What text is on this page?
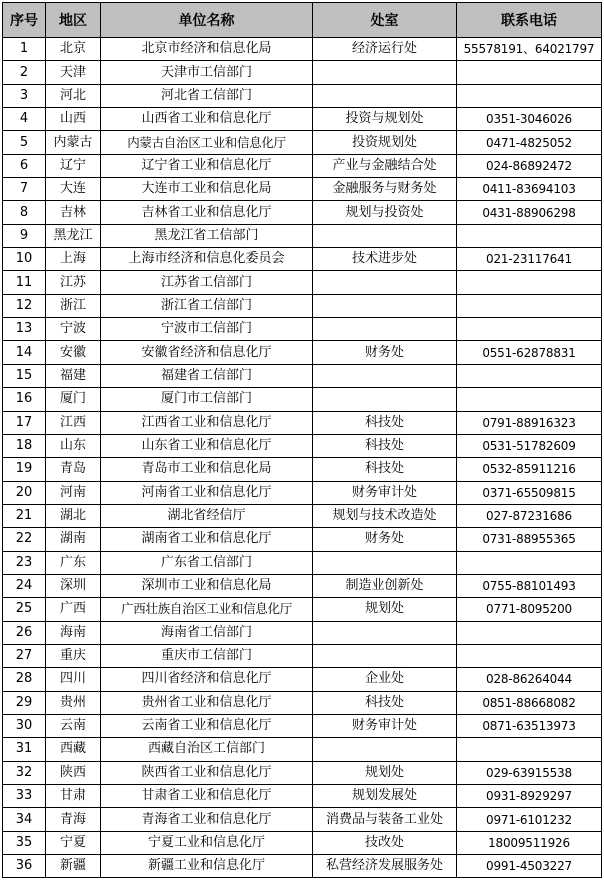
序号	地区	单位名称	处室	联系电话
1	北京	北京市经济和信息化局	经济运行处	55578191、64021797
2	天津	天津市工信部门		
3	河北	河北省工信部门		
4	山西	山西省工业和信息化厅	投资与规划处	0351-3046026
5	内蒙古	内蒙古自治区工业和信息化厅	投资规划处	0471-4825052
6	辽宁	辽宁省工业和信息化厅	产业与金融结合处	024-86892472
7	大连	大连市工业和信息化局	金融服务与财务处	0411-83694103
8	吉林	吉林省工业和信息化厅	规划与投资处	0431-88906298
9	黑龙江	黑龙江省工信部门		
10	上海	上海市经济和信息化委员会	技术进步处	021-23117641
11	江苏	江苏省工信部门		
12	浙江	浙江省工信部门		
13	宁波	宁波市工信部门		
14	安徽	安徽省经济和信息化厅	财务处	0551-62878831
15	福建	福建省工信部门		
16	厦门	厦门市工信部门		
17	江西	江西省工业和信息化厅	科技处	0791-88916323
18	山东	山东省工业和信息化厅	科技处	0531-51782609
19	青岛	青岛市工业和信息化局	科技处	0532-85911216
20	河南	河南省工业和信息化厅	财务审计处	0371-65509815
21	湖北	湖北省经信厅	规划与技术改造处	027-87231686
22	湖南	湖南省工业和信息化厅	财务处	0731-88955365
23	广东	广东省工信部门		
24	深圳	深圳市工业和信息化局	制造业创新处	0755-88101493
25	广西	广西壮族自治区工业和信息化厅	规划处	0771-8095200
26	海南	海南省工信部门		
27	重庆	重庆市工信部门		
28	四川	四川省经济和信息化厅	企业处	028-86264044
29	贵州	贵州省工业和信息化厅	科技处	0851-88668082
30	云南	云南省工业和信息化厅	财务审计处	0871-63513973
31	西藏	西藏自治区工信部门		
32	陕西	陕西省工业和信息化厅	规划处	029-63915538
33	甘肃	甘肃省工业和信息化厅	规划发展处	0931-8929297
34	青海	青海省工业和信息化厅	消费品与装备工业处	0971-6101232
35	宁夏	宁夏工业和信息化厅	技改处	18009511926
36	新疆	新疆工业和信息化厅	私营经济发展服务处	0991-4503227
